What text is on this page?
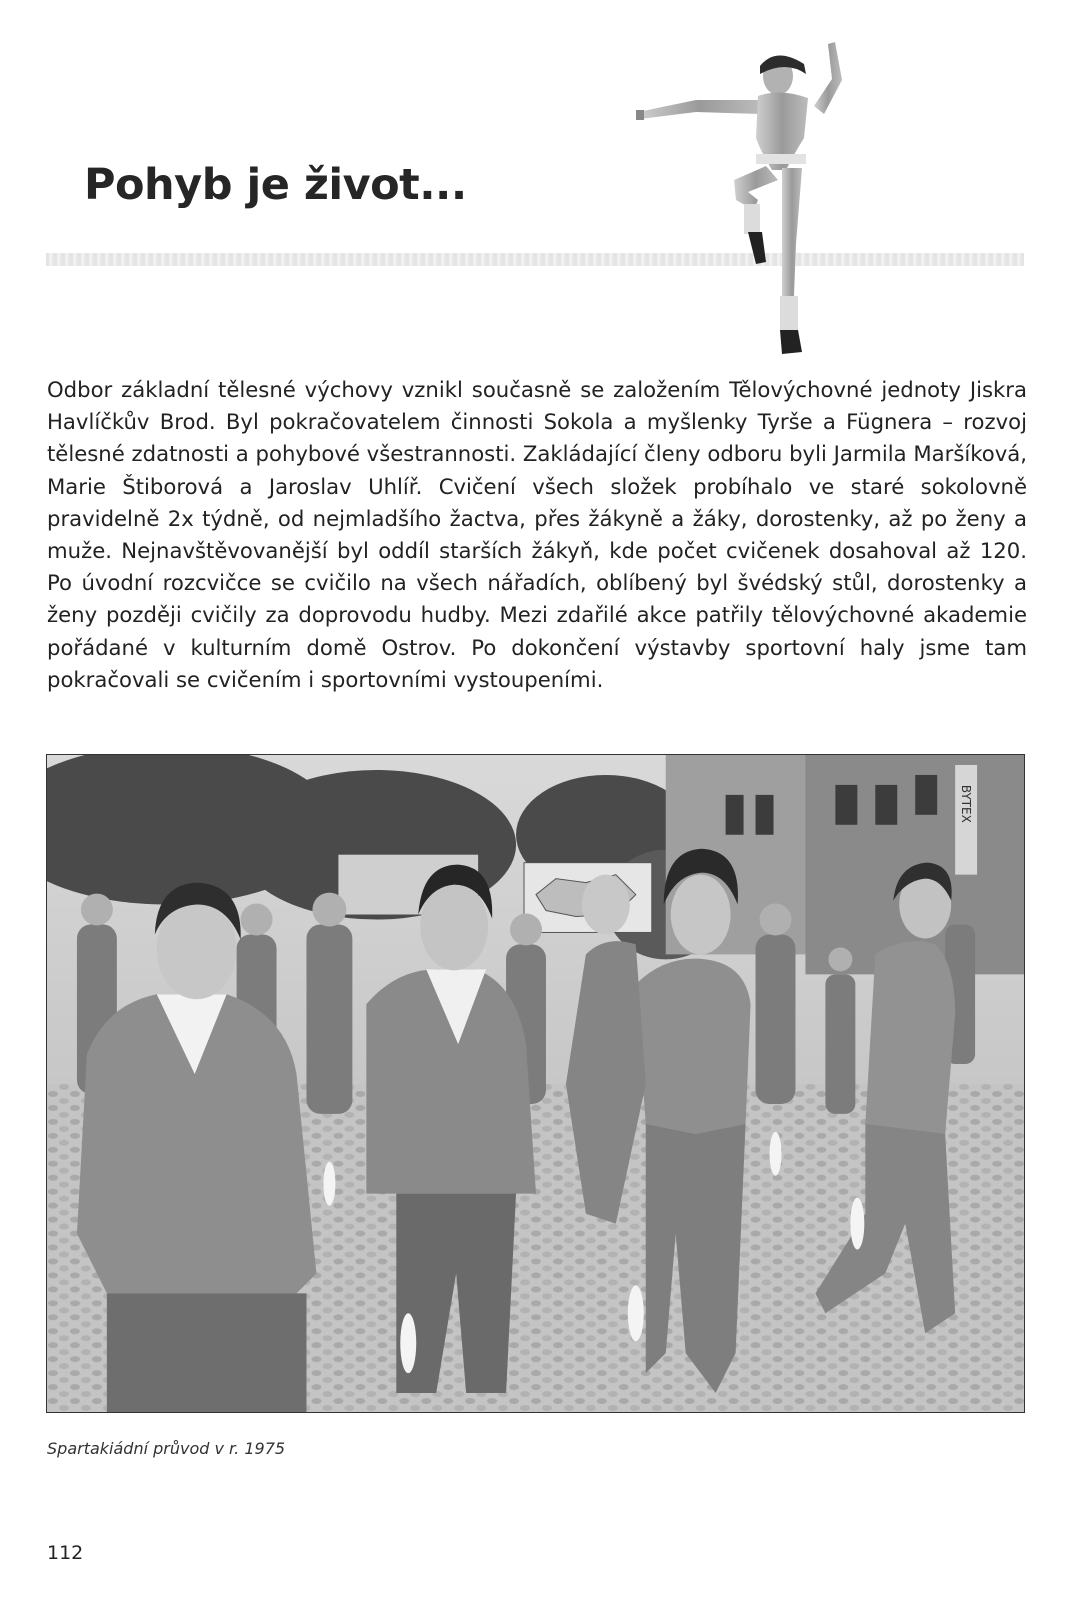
Pohyb je život...

Odbor základní tělesné výchovy vznikl současně se založením Tělovýchovné jednoty Jiskra Havlíčkův Brod. Byl pokračovatelem činnosti Sokola a myšlenky Tyrše a Fügnera – rozvoj tělesné zdatnosti a pohybové všestrannosti. Zakládající členy odboru byli Jarmila Maršíková, Marie Štiborová a Jaroslav Uhlíř. Cvičení všech složek probíhalo ve staré sokolovně pravidelně 2x týdně, od nejmladšího žactva, přes žákyně a žáky, dorostenky, až po ženy a muže. Nejnavštěvovanější byl oddíl starších žákyň, kde počet cvičenek dosahoval až 120. Po úvodní rozcvičce se cvičilo na všech nářadích, oblíbený byl švédský stůl, dorostenky a ženy později cvičily za doprovodu hudby. Mezi zdařilé akce patřily tělovýchovné akademie pořádané v kulturním domě Ostrov. Po dokončení výstavby sportovní haly jsme tam pokračovali se cvičením i sportovními vystoupeními.

BYTEX

Spartakiádní průvod v r. 1975

112
